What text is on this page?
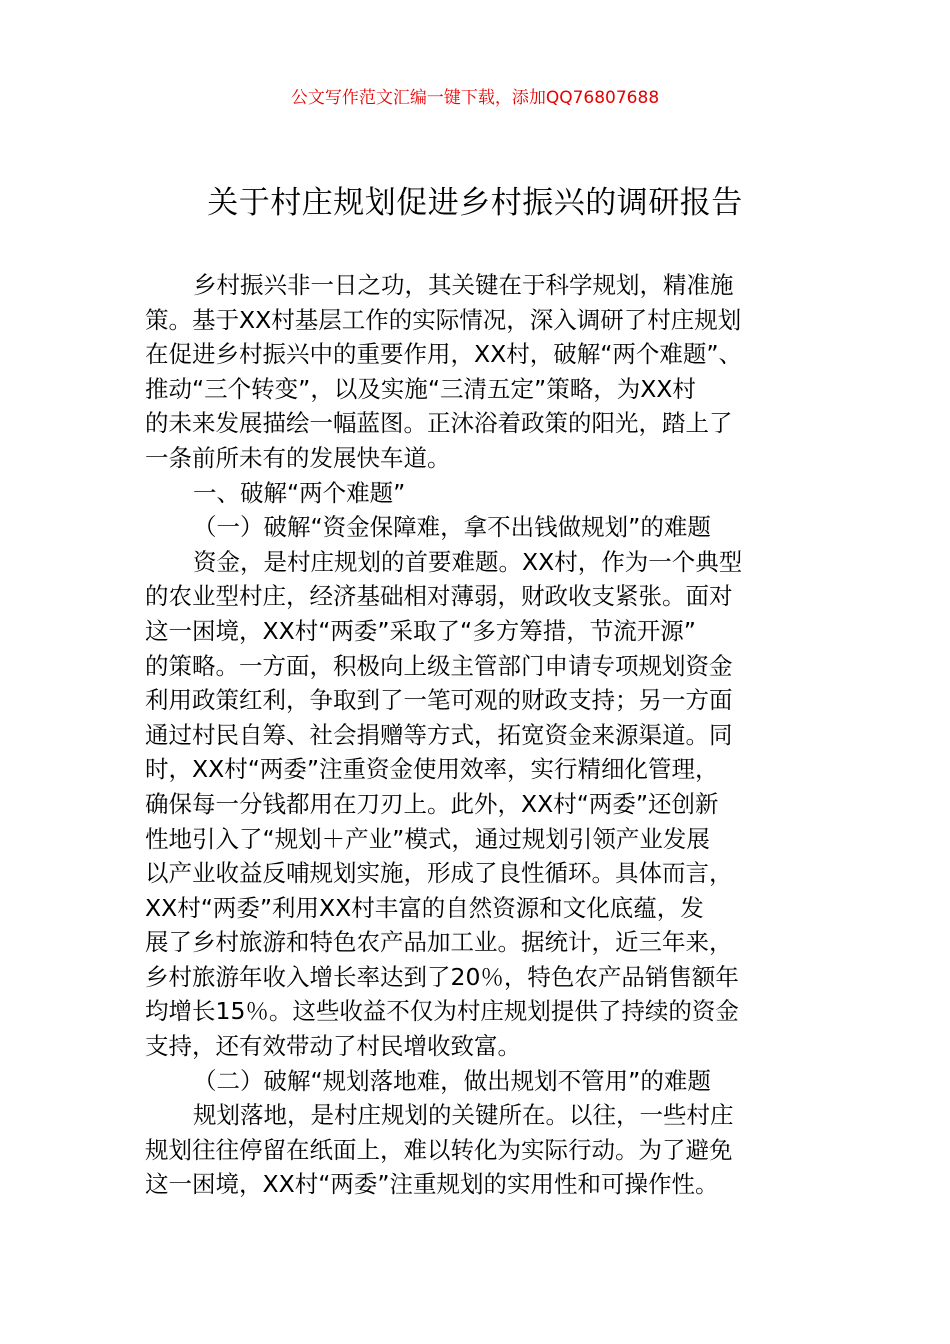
公文写作范文汇编一键下载，添加QQ76807688
关于村庄规划促进乡村振兴的调研报告
乡村振兴非一日之功，其关键在于科学规划，精准施
策。基于XX村基层工作的实际情况，深入调研了村庄规划
在促进乡村振兴中的重要作用，XX村，破解“两个难题”、
推动“三个转变”，以及实施“三清五定”策略，为XX村
的未来发展描绘一幅蓝图。正沐浴着政策的阳光，踏上了
一条前所未有的发展快车道。
一、破解“两个难题”
（一）破解“资金保障难，拿不出钱做规划”的难题
资金，是村庄规划的首要难题。XX村，作为一个典型
的农业型村庄，经济基础相对薄弱，财政收支紧张。面对
这一困境，XX村“两委”采取了“多方筹措，节流开源”
的策略。一方面，积极向上级主管部门申请专项规划资金
利用政策红利，争取到了一笔可观的财政支持；另一方面
通过村民自筹、社会捐赠等方式，拓宽资金来源渠道。同
时，XX村“两委”注重资金使用效率，实行精细化管理，
确保每一分钱都用在刀刃上。此外，XX村“两委”还创新
性地引入了“规划＋产业”模式，通过规划引领产业发展
以产业收益反哺规划实施，形成了良性循环。具体而言，
XX村“两委”利用XX村丰富的自然资源和文化底蕴，发
展了乡村旅游和特色农产品加工业。据统计，近三年来，
乡村旅游年收入增长率达到了20％，特色农产品销售额年
均增长15％。这些收益不仅为村庄规划提供了持续的资金
支持，还有效带动了村民增收致富。
（二）破解“规划落地难，做出规划不管用”的难题
规划落地，是村庄规划的关键所在。以往，一些村庄
规划往往停留在纸面上，难以转化为实际行动。为了避免
这一困境，XX村“两委”注重规划的实用性和可操作性。
